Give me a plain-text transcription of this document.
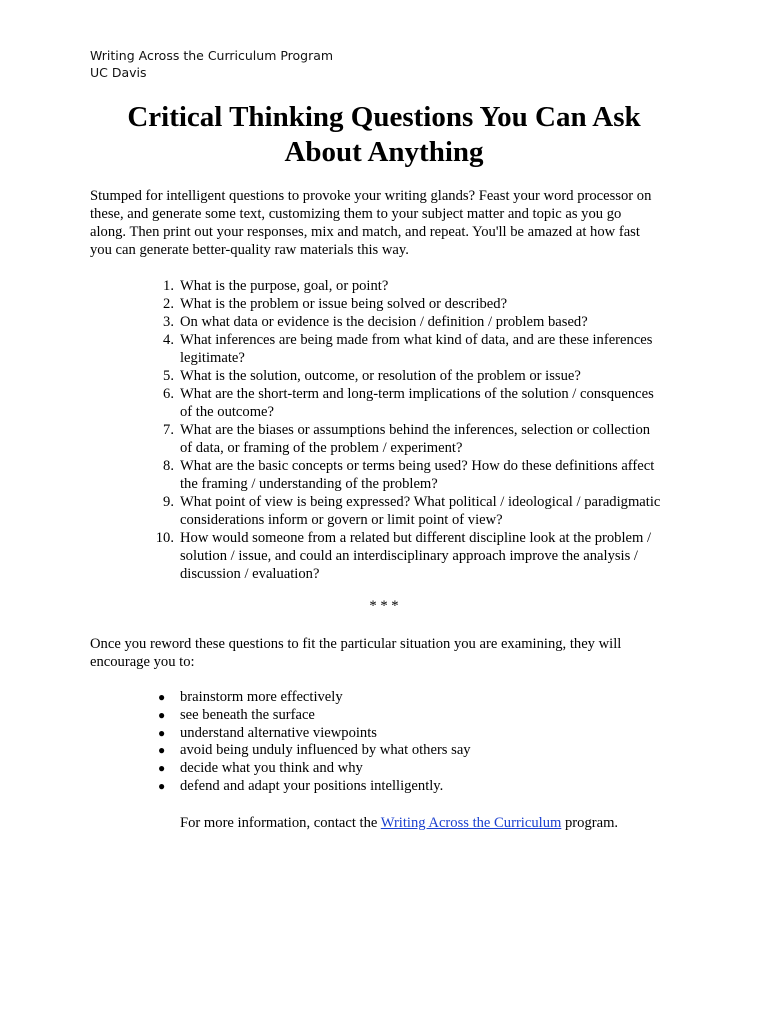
Writing Across the Curriculum Program
UC Davis
Critical Thinking Questions You Can Ask
About Anything
Stumped for intelligent questions to provoke your writing glands? Feast your word processor on
these, and generate some text, customizing them to your subject matter and topic as you go
along. Then print out your responses, mix and match, and repeat. You'll be amazed at how fast
you can generate better-quality raw materials this way.
1. What is the purpose, goal, or point?
2. What is the problem or issue being solved or described?
3. On what data or evidence is the decision / definition / problem based?
4. What inferences are being made from what kind of data, and are these inferences
legitimate?
5. What is the solution, outcome, or resolution of the problem or issue?
6. What are the short-term and long-term implications of the solution / consquences
of the outcome?
7. What are the biases or assumptions behind the inferences, selection or collection
of data, or framing of the problem / experiment?
8. What are the basic concepts or terms being used? How do these definitions affect
the framing / understanding of the problem?
9. What point of view is being expressed? What political / ideological / paradigmatic
considerations inform or govern or limit point of view?
10. How would someone from a related but different discipline look at the problem /
solution / issue, and could an interdisciplinary approach improve the analysis /
discussion / evaluation?
* * *
Once you reword these questions to fit the particular situation you are examining, they will
encourage you to:
● brainstorm more effectively
● see beneath the surface
● understand alternative viewpoints
● avoid being unduly influenced by what others say
● decide what you think and why
● defend and adapt your positions intelligently.
For more information, contact the Writing Across the Curriculum program.
